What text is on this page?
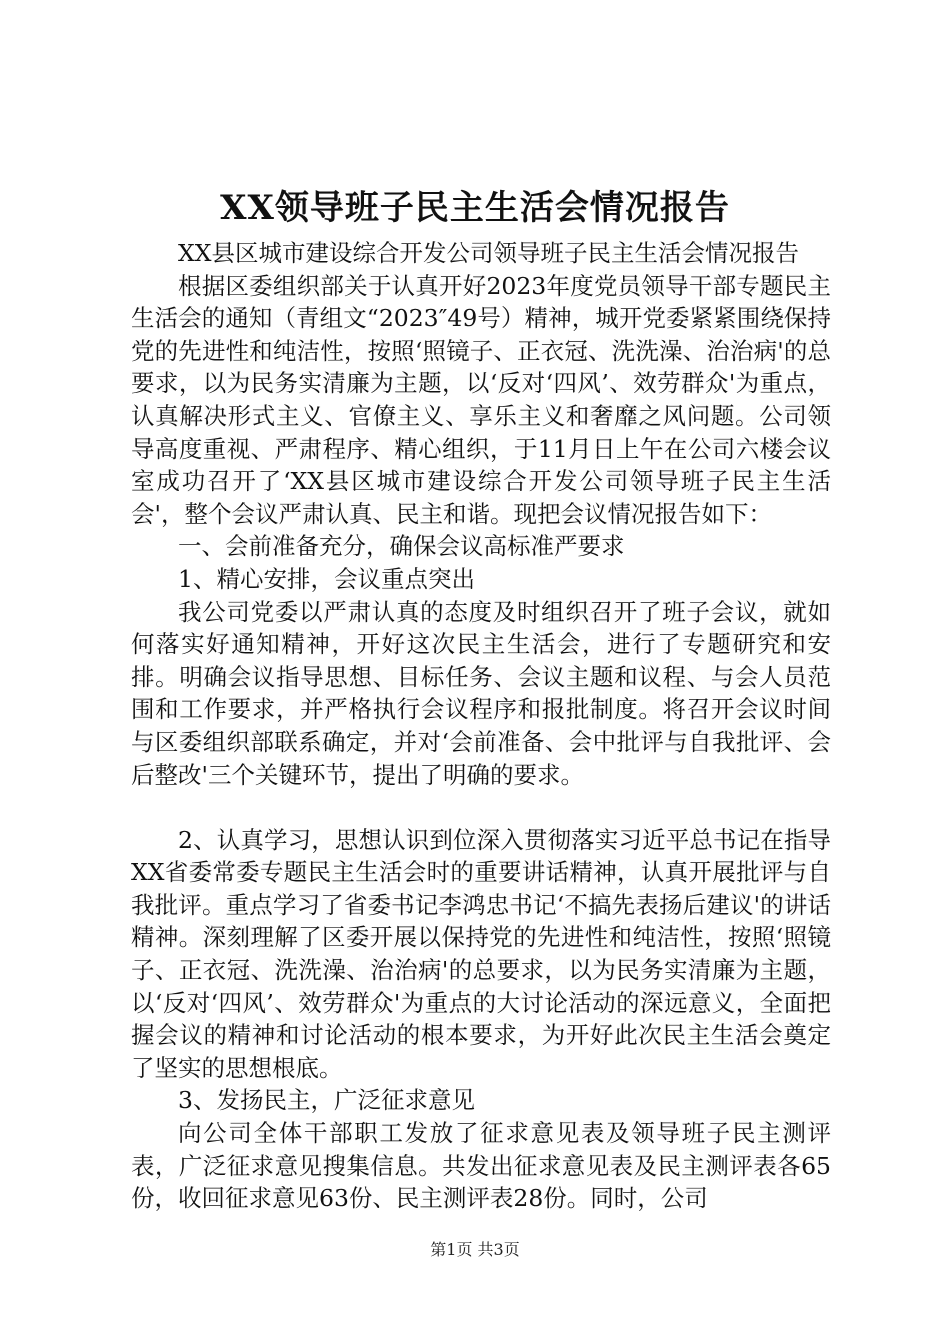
XX领导班子民主生活会情况报告

XX县区城市建设综合开发公司领导班子民主生活会情况报告

根据区委组织部关于认真开好2023年度党员领导干部专题民主生活会的通知（青组文“2023″49号）精神，城开党委紧紧围绕保持党的先进性和纯洁性，按照‘照镜子、正衣冠、洗洗澡、治治病'的总要求，以为民务实清廉为主题，以‘反对‘四风’、效劳群众'为重点，认真解决形式主义、官僚主义、享乐主义和奢靡之风问题。公司领导高度重视、严肃程序、精心组织，于11月日上午在公司六楼会议室成功召开了‘XX县区城市建设综合开发公司领导班子民主生活会'，整个会议严肃认真、民主和谐。现把会议情况报告如下：

一、会前准备充分，确保会议高标准严要求

1、精心安排，会议重点突出

我公司党委以严肃认真的态度及时组织召开了班子会议，就如何落实好通知精神，开好这次民主生活会，进行了专题研究和安排。明确会议指导思想、目标任务、会议主题和议程、与会人员范围和工作要求，并严格执行会议程序和报批制度。将召开会议时间与区委组织部联系确定，并对‘会前准备、会中批评与自我批评、会后整改'三个关键环节，提出了明确的要求。

2、认真学习，思想认识到位深入贯彻落实习近平总书记在指导XX省委常委专题民主生活会时的重要讲话精神，认真开展批评与自我批评。重点学习了省委书记李鸿忠书记‘不搞先表扬后建议'的讲话精神。深刻理解了区委开展以保持党的先进性和纯洁性，按照‘照镜子、正衣冠、洗洗澡、治治病'的总要求，以为民务实清廉为主题，以‘反对‘四风’、效劳群众'为重点的大讨论活动的深远意义，全面把握会议的精神和讨论活动的根本要求，为开好此次民主生活会奠定了坚实的思想根底。

3、发扬民主，广泛征求意见

向公司全体干部职工发放了征求意见表及领导班子民主测评表，广泛征求意见搜集信息。共发出征求意见表及民主测评表各65份，收回征求意见63份、民主测评表28份。同时，公司

第1页 共3页
